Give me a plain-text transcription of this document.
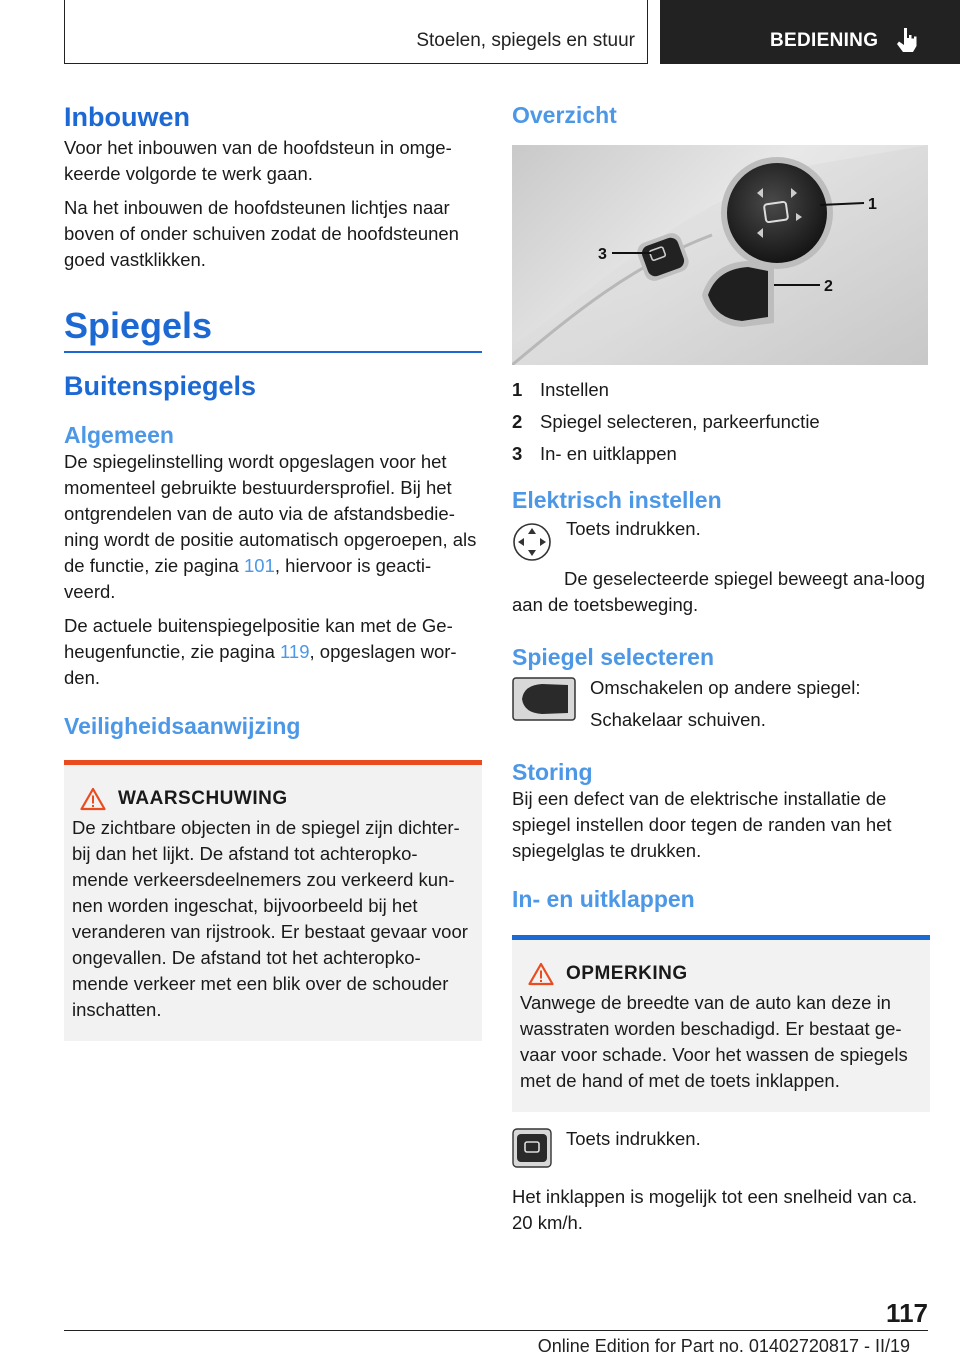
Stoelen, spiegels en stuur	BEDIENING
Inbouwen

Voor het inbouwen van de hoofdsteun in omge-keerde volgorde te werk gaan.

Na het inbouwen de hoofdsteunen lichtjes naar boven of onder schuiven zodat de hoofdsteunen goed vastklikken.

Spiegels
Buitenspiegels
Algemeen

De spiegelinstelling wordt opgeslagen voor het momenteel gebruikte bestuurdersprofiel. Bij het ontgrendelen van de auto via de afstandsbedie-ning wordt de positie automatisch opgeroepen, als de functie, zie pagina 101, hiervoor is geacti-veerd.

De actuele buitenspiegelpositie kan met de Ge-heugenfunctie, zie pagina 119, opgeslagen wor-den.

Veiligheidsaanwijzing
WAARSCHUWING

De zichtbare objecten in de spiegel zijn dichter-bij dan het lijkt. De afstand tot achteropko-mende verkeersdeelnemers zou verkeerd kun-nen worden ingeschat, bijvoorbeeld bij het veranderen van rijstrook. Er bestaat gevaar voor ongevallen. De afstand tot het achteropko-mende verkeer met een blik over de schouder inschatten.

Overzicht
1
2
3
1 Instellen
2 Spiegel selecteren, parkeerfunctie
3 In- en uitklappen
Elektrisch instellen

Toets indrukken.

De geselecteerde spiegel beweegt ana-loog aan de toetsbeweging.

Spiegel selecteren

Omschakelen op andere spiegel:

Schakelaar schuiven.

Storing

Bij een defect van de elektrische installatie de spiegel instellen door tegen de randen van het spiegelglas te drukken.

In- en uitklappen
OPMERKING

Vanwege de breedte van de auto kan deze in wasstraten worden beschadigd. Er bestaat ge-vaar voor schade. Voor het wassen de spiegels met de hand of met de toets inklappen.

Toets indrukken.

Het inklappen is mogelijk tot een snelheid van ca. 20 km/h.

117
Online Edition for Part no. 01402720817 - II/19
